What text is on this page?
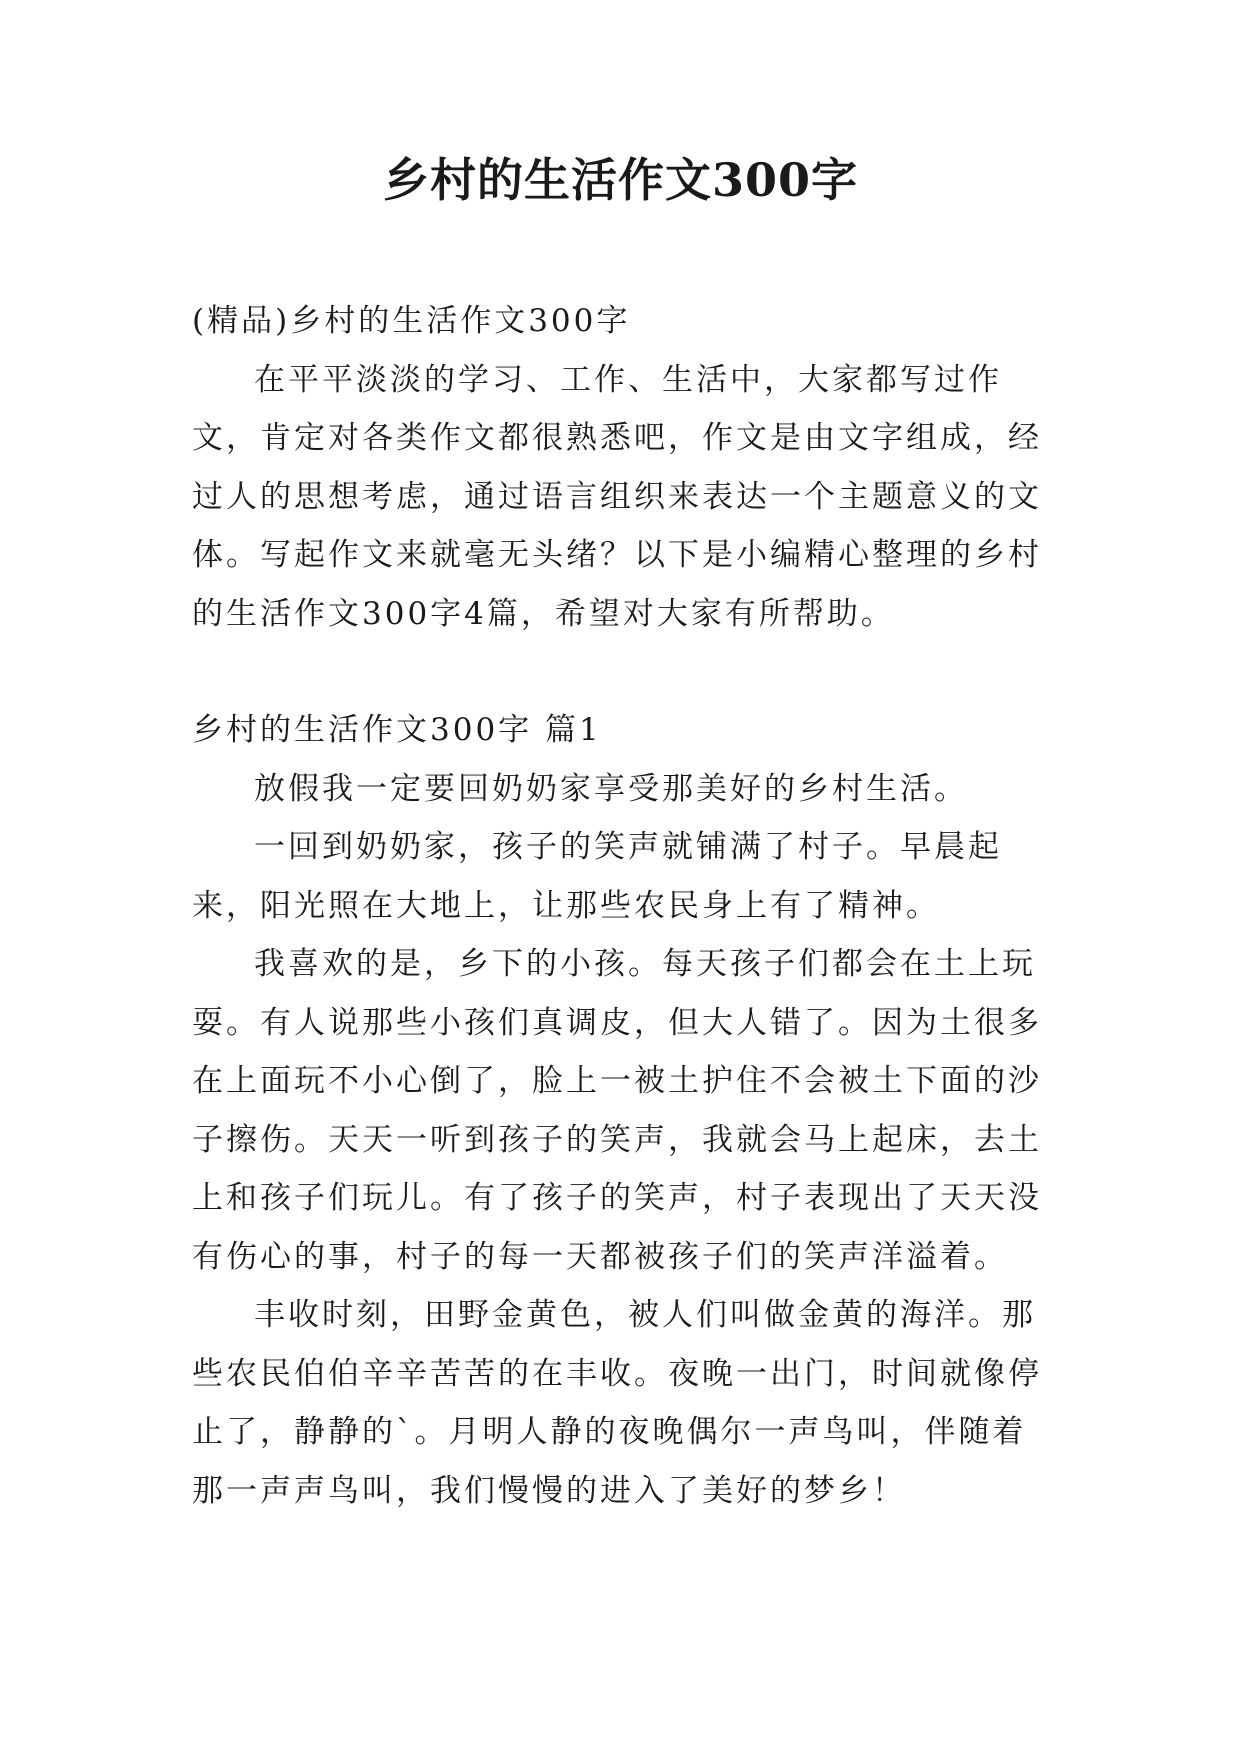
乡村的生活作文300字

(精品)乡村的生活作文300字

在平平淡淡的学习、工作、生活中，大家都写过作文，肯定对各类作文都很熟悉吧，作文是由文字组成，经过人的思想考虑，通过语言组织来表达一个主题意义的文体。写起作文来就毫无头绪？以下是小编精心整理的乡村的生活作文300字4篇，希望对大家有所帮助。

乡村的生活作文300字 篇1

放假我一定要回奶奶家享受那美好的乡村生活。

一回到奶奶家，孩子的笑声就铺满了村子。早晨起来，阳光照在大地上，让那些农民身上有了精神。

我喜欢的是，乡下的小孩。每天孩子们都会在土上玩耍。有人说那些小孩们真调皮，但大人错了。因为土很多在上面玩不小心倒了，脸上一被土护住不会被土下面的沙子擦伤。天天一听到孩子的笑声，我就会马上起床，去土上和孩子们玩儿。有了孩子的笑声，村子表现出了天天没有伤心的事，村子的每一天都被孩子们的笑声洋溢着。

丰收时刻，田野金黄色，被人们叫做金黄的海洋。那些农民伯伯辛辛苦苦的在丰收。夜晚一出门，时间就像停止了，静静的`。月明人静的夜晚偶尔一声鸟叫，伴随着那一声声鸟叫，我们慢慢的进入了美好的梦乡！
